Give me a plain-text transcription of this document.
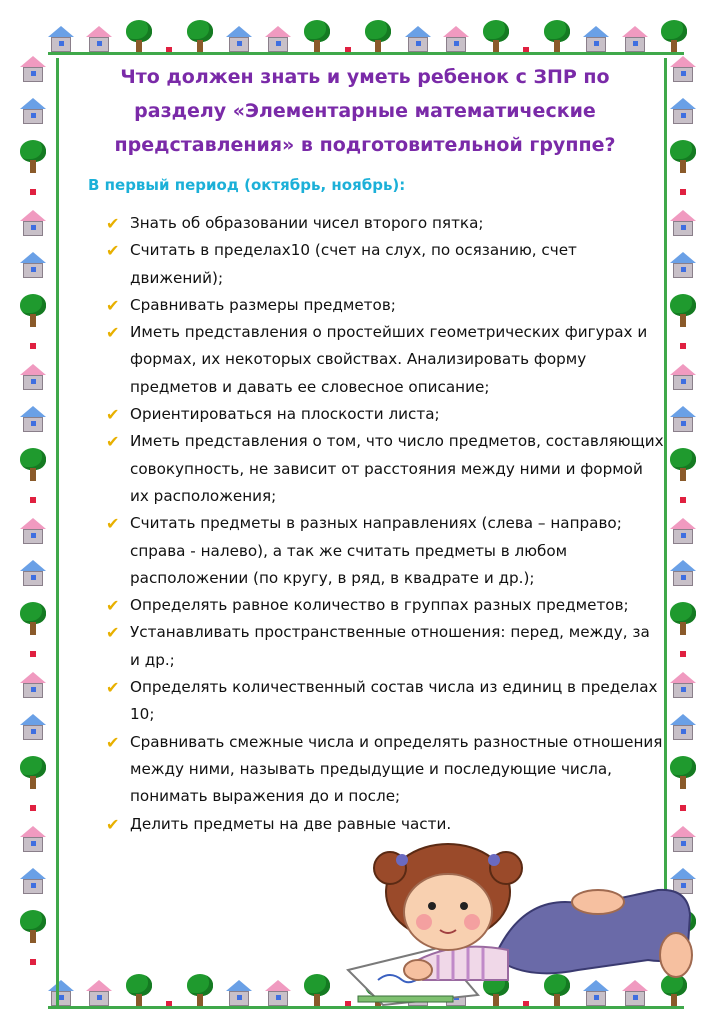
Что должен знать и уметь ребенок с ЗПР по разделу «Элементарные математические представления» в подготовительной группе?
В первый период (октябрь, ноябрь):
✔ Знать об образовании чисел второго пятка;
✔ Считать в пределах10 (счет на слух, по осязанию, счет движений);
✔ Сравнивать размеры предметов;
✔ Иметь представления о простейших геометрических фигурах и формах, их некоторых свойствах. Анализировать форму предметов и давать ее словесное описание;
✔ Ориентироваться на плоскости листа;
✔ Иметь представления о том, что число предметов, составляющих совокупность, не зависит от расстояния между ними и формой их расположения;
✔ Считать предметы в разных направлениях (слева – направо; справа - налево), а так же считать предметы в любом расположении (по кругу, в ряд, в квадрате и др.);
✔ Определять равное количество в группах разных предметов;
✔ Устанавливать пространственные отношения: перед, между, за и др.;
✔ Определять количественный состав числа из единиц в пределах 10;
✔ Сравнивать смежные числа и определять разностные отношения между ними, называть предыдущие и последующие числа, понимать выражения до и после;
✔ Делить предметы на две равные части.
